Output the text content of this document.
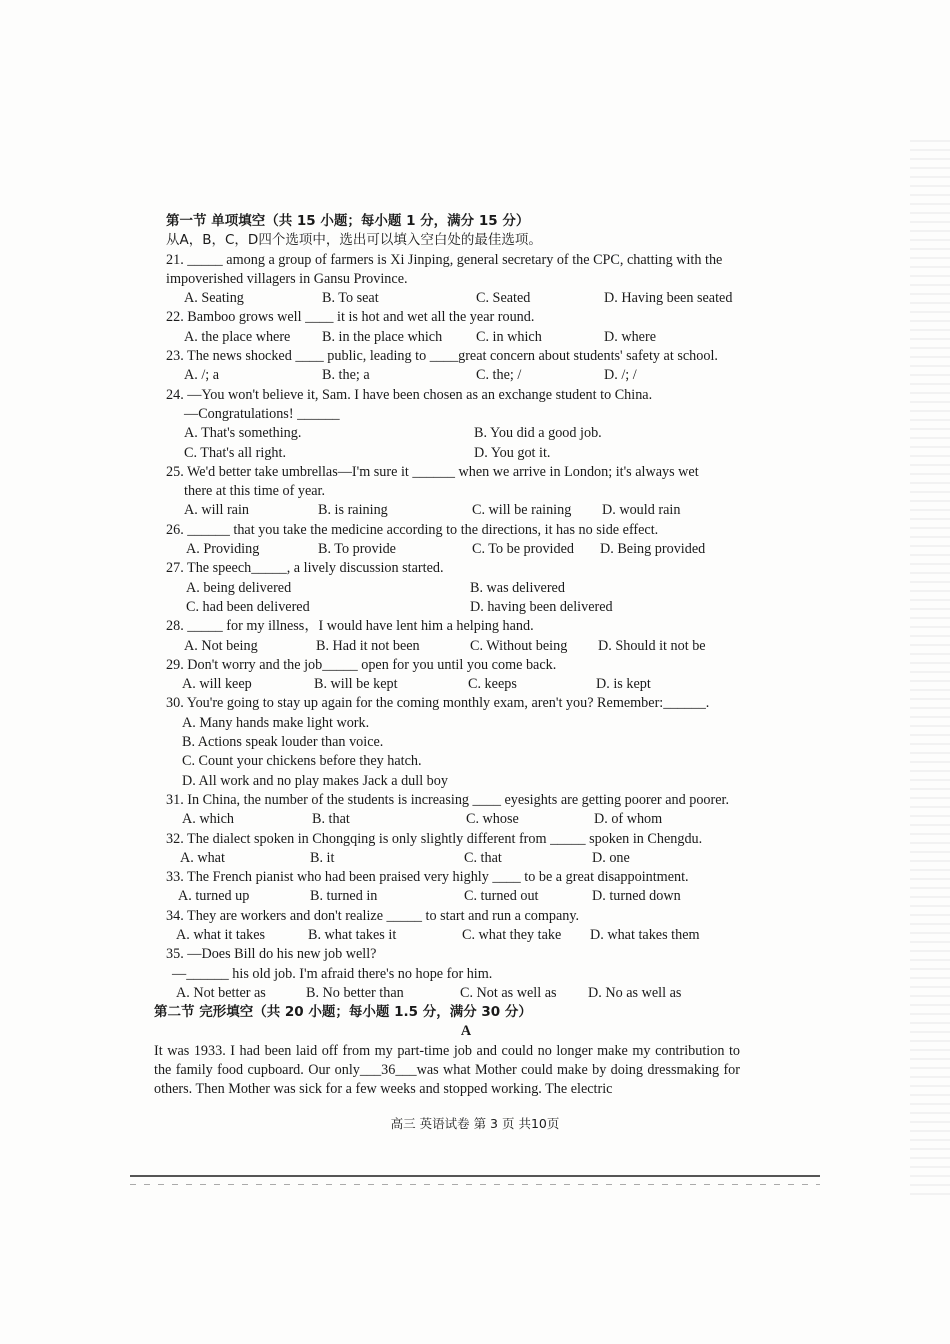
第一节 单项填空（共 15 小题；每小题 1 分，满分 15 分）
从A，B，C，D四个选项中，选出可以填入空白处的最佳选项。
21. _____ among a group of farmers is Xi Jinping, general secretary of the CPC, chatting with the
impoverished villagers in Gansu Province.
A. Seating	B. To seat	C. Seated	D. Having been seated
22. Bamboo grows well ____ it is hot and wet all the year round.
A. the place where B. in the place which C. in which	D. where
23. The news shocked ____ public, leading to ____great concern about students' safety at school.
A. /; a	B. the; a	C. the; /	D. /; /
24. —You won't believe it, Sam. I have been chosen as an exchange student to China.
—Congratulations! ______
A. That's something.	B. You did a good job.
C. That's all right.	D. You got it.
25. We'd better take umbrellas—I'm sure it ______ when we arrive in London; it's always wet
there at this time of year.
A. will rain	B. is raining	C. will be raining D. would rain
26. ______ that you take the medicine according to the directions, it has no side effect.
A. Providing	B. To provide	C. To be provided D. Being provided
27. The speech_____, a lively discussion started.
A. being delivered	B. was delivered
C. had been delivered	D. having been delivered
28. _____ for my illness，I would have lent him a helping hand.
A. Not being	B. Had it not been	C. Without being D. Should it not be
29. Don't worry and the job_____ open for you until you come back.
A. will keep	B. will be kept	C. keeps	D. is kept
30. You're going to stay up again for the coming monthly exam, aren't you? Remember:______.
A. Many hands make light work.
B. Actions speak louder than voice.
C. Count your chickens before they hatch.
D. All work and no play makes Jack a dull boy
31. In China, the number of the students is increasing ____ eyesights are getting poorer and poorer.
A. which	B. that	C. whose	D. of whom
32. The dialect spoken in Chongqing is only slightly different from _____ spoken in Chengdu.
A. what	B. it	C. that	D. one
33. The French pianist who had been praised very highly ____ to be a great disappointment.
A. turned up	B. turned in	C. turned out	D. turned down
34. They are workers and don't realize _____ to start and run a company.
A. what it takes	B. what takes it	C. what they take D. what takes them
35. —Does Bill do his new job well?
—______ his old job. I'm afraid there's no hope for him.
A. Not better as	B. No better than	C. Not as well as D. No as well as
第二节 完形填空（共 20 小题；每小题 1.5 分，满分 30 分）
A
It was 1933. I had been laid off from my part-time job and could no longer make my contribution to the family food cupboard. Our only___36___was what Mother could make by doing dressmaking for others. Then Mother was sick for a few weeks and stopped working. The electric
高三 英语试卷 第 3 页 共10页
